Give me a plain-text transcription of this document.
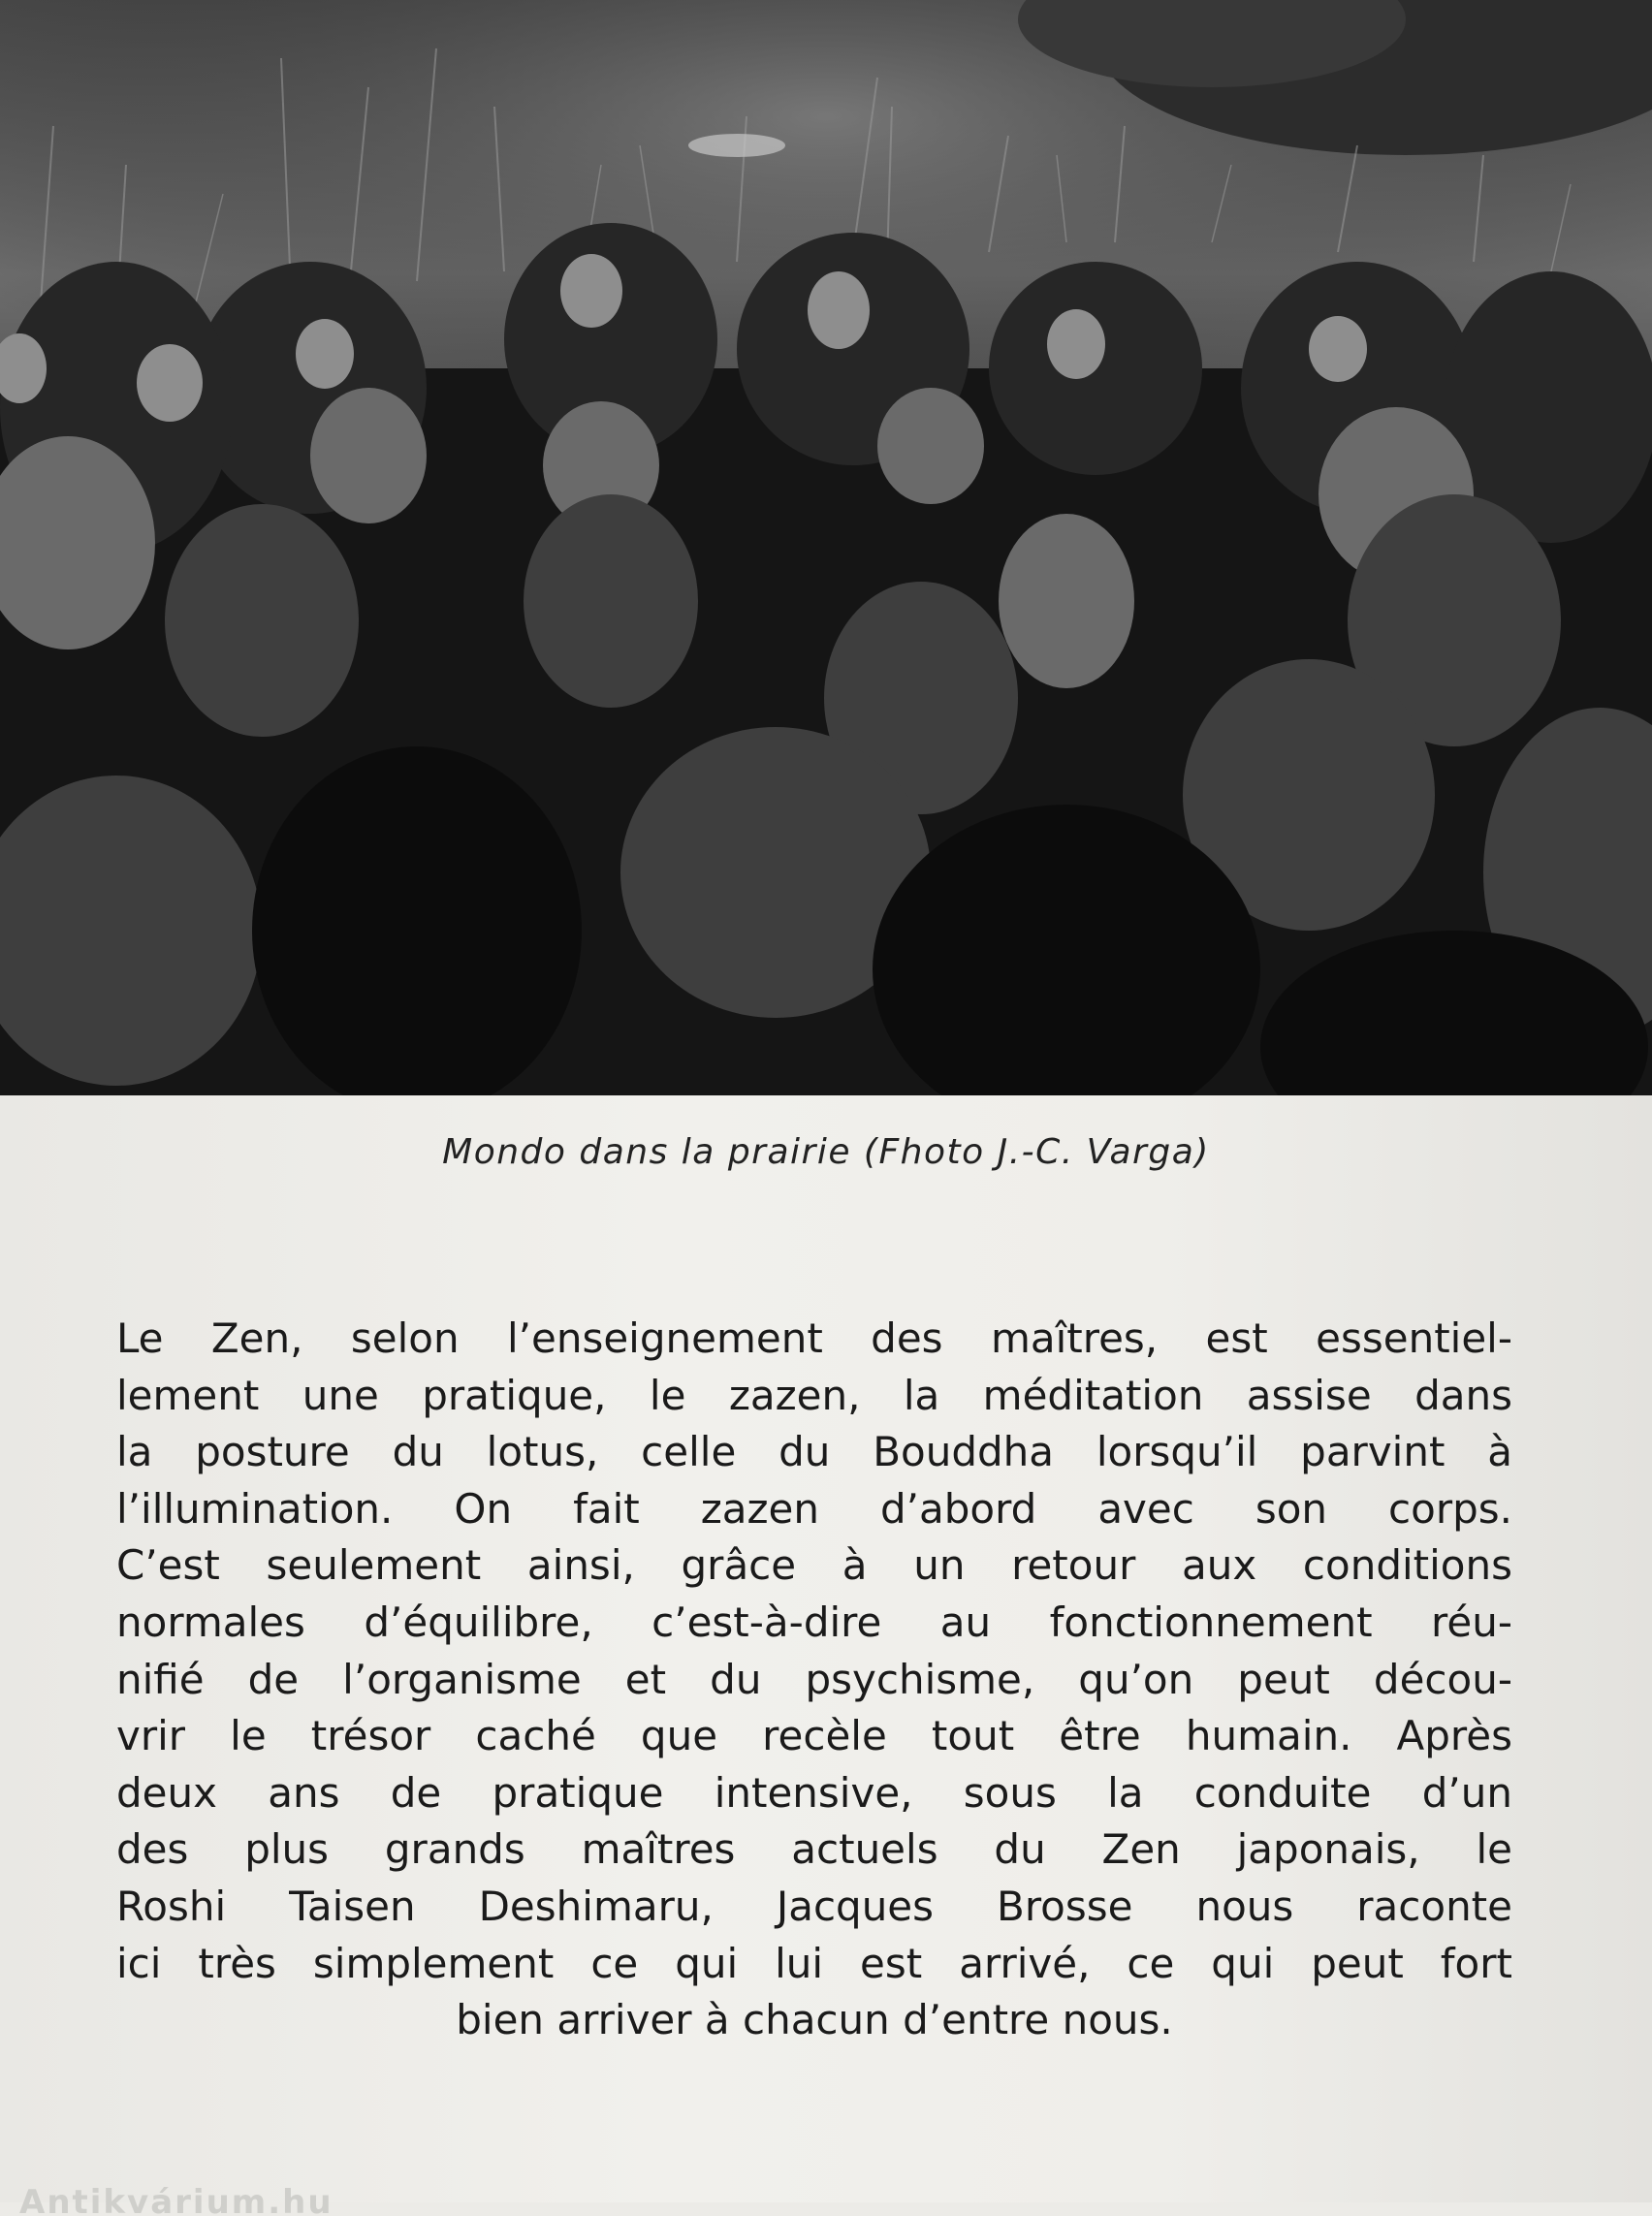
Mondo dans la prairie (Fhoto J.-C. Varga)
Le Zen, selon l’enseignement des maîtres, est essentiel-
lement une pratique, le zazen, la méditation assise dans
la posture du lotus, celle du Bouddha lorsqu’il parvint à
l’illumination. On fait zazen d’abord avec son corps.
C’est seulement ainsi, grâce à un retour aux conditions
normales d’équilibre, c’est-à-dire au fonctionnement réu-
nifié de l’organisme et du psychisme, qu’on peut décou-
vrir le trésor caché que recèle tout être humain. Après
deux ans de pratique intensive, sous la conduite d’un
des plus grands maîtres actuels du Zen japonais, le
Roshi Taisen Deshimaru, Jacques Brosse nous raconte
ici très simplement ce qui lui est arrivé, ce qui peut fort
bien arriver à chacun d’entre nous.
Antikvárium.hu
